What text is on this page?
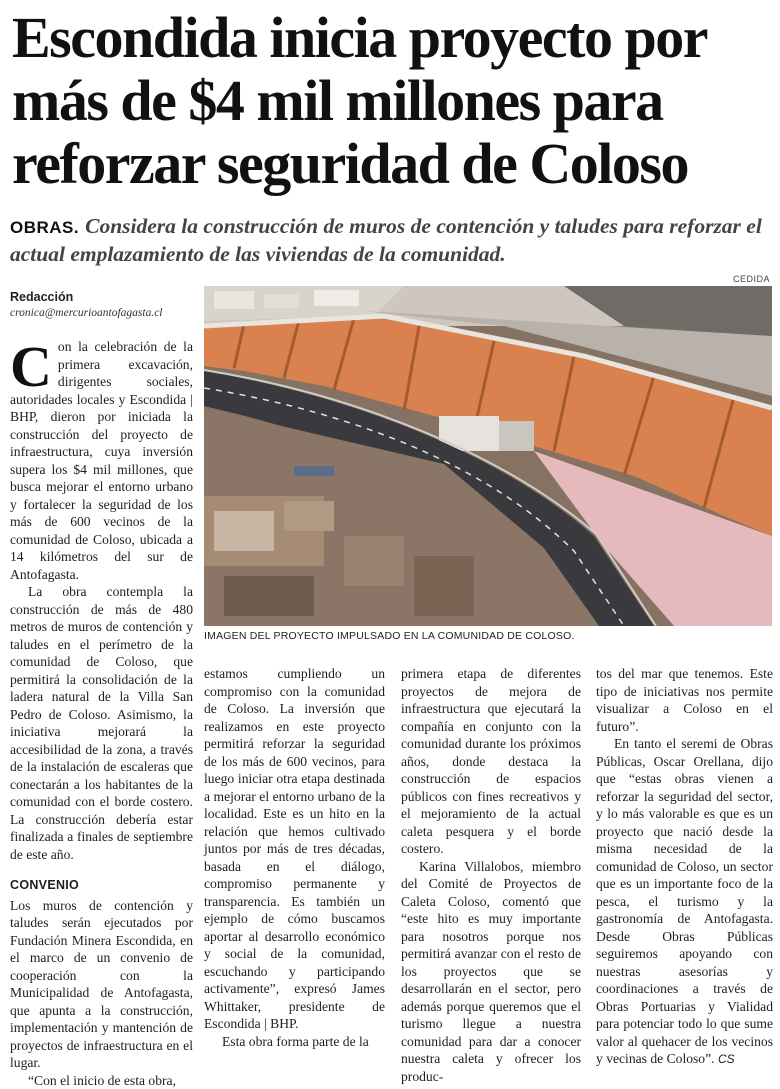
Escondida inicia proyecto por
más de $4 mil millones para
reforzar seguridad de Coloso
OBRAS. Considera la construcción de muros de contención y taludes para reforzar el actual emplazamiento de las viviendas de la comunidad.
CEDIDA
Redacción
cronica@mercurioantofagasta.cl
IMAGEN DEL PROYECTO IMPULSADO EN LA COMUNIDAD DE COLOSO.
C on la celebración de la primera excavación, dirigentes sociales, autoridades locales y Escondida | BHP, dieron por iniciada la construcción del proyecto de infraestructura, cuya inversión supera los $4 mil millones, que busca mejorar el entorno urbano y fortalecer la seguridad de los más de 600 vecinos de la comunidad de Coloso, ubicada a 14 kilómetros del sur de Antofagasta.

La obra contempla la construcción de más de 480 metros de muros de contención y taludes en el perímetro de la comunidad de Coloso, que permitirá la consolidación de la ladera natural de la Villa San Pedro de Coloso. Asimismo, la iniciativa mejorará la accesibilidad de la zona, a través de la instalación de escaleras que conectarán a los habitantes de la comunidad con el borde costero. La construcción debería estar finalizada a finales de septiembre de este año.

CONVENIO

Los muros de contención y taludes serán ejecutados por Fundación Minera Escondida, en el marco de un convenio de cooperación con la Municipalidad de Antofagasta, que apunta a la construcción, implementación y mantención de proyectos de infraestructura en el lugar.

“Con el inicio de esta obra,

estamos cumpliendo un compromiso con la comunidad de Coloso. La inversión que realizamos en este proyecto permitirá reforzar la seguridad de los más de 600 vecinos, para luego iniciar otra etapa destinada a mejorar el entorno urbano de la localidad. Este es un hito en la relación que hemos cultivado juntos por más de tres décadas, basada en el diálogo, compromiso permanente y transparencia. Es también un ejemplo de cómo buscamos aportar al desarrollo económico y social de la comunidad, escuchando y participando activamente”, expresó James Whittaker, presidente de Escondida | BHP.

Esta obra forma parte de la

primera etapa de diferentes proyectos de mejora de infraestructura que ejecutará la compañía en conjunto con la comunidad durante los próximos años, donde destaca la construcción de espacios públicos con fines recreativos y el mejoramiento de la actual caleta pesquera y el borde costero.

Karina Villalobos, miembro del Comité de Proyectos de Caleta Coloso, comentó que “este hito es muy importante para nosotros porque nos permitirá avanzar con el resto de los proyectos que se desarrollarán en el sector, pero además porque queremos que el turismo llegue a nuestra comunidad para dar a conocer nuestra caleta y ofrecer los produc-

tos del mar que tenemos. Este tipo de iniciativas nos permite visualizar a Coloso en el futuro”.

En tanto el seremi de Obras Públicas, Oscar Orellana, dijo que “estas obras vienen a reforzar la seguridad del sector, y lo más valorable es que es un proyecto que nació desde la misma necesidad de la comunidad de Coloso, un sector que es un importante foco de la pesca, el turismo y la gastronomía de Antofagasta. Desde Obras Públicas seguiremos apoyando con nuestras asesorías y coordinaciones a través de Obras Portuarias y Vialidad para potenciar todo lo que sume valor al quehacer de los vecinos y vecinas de Coloso”. CS
